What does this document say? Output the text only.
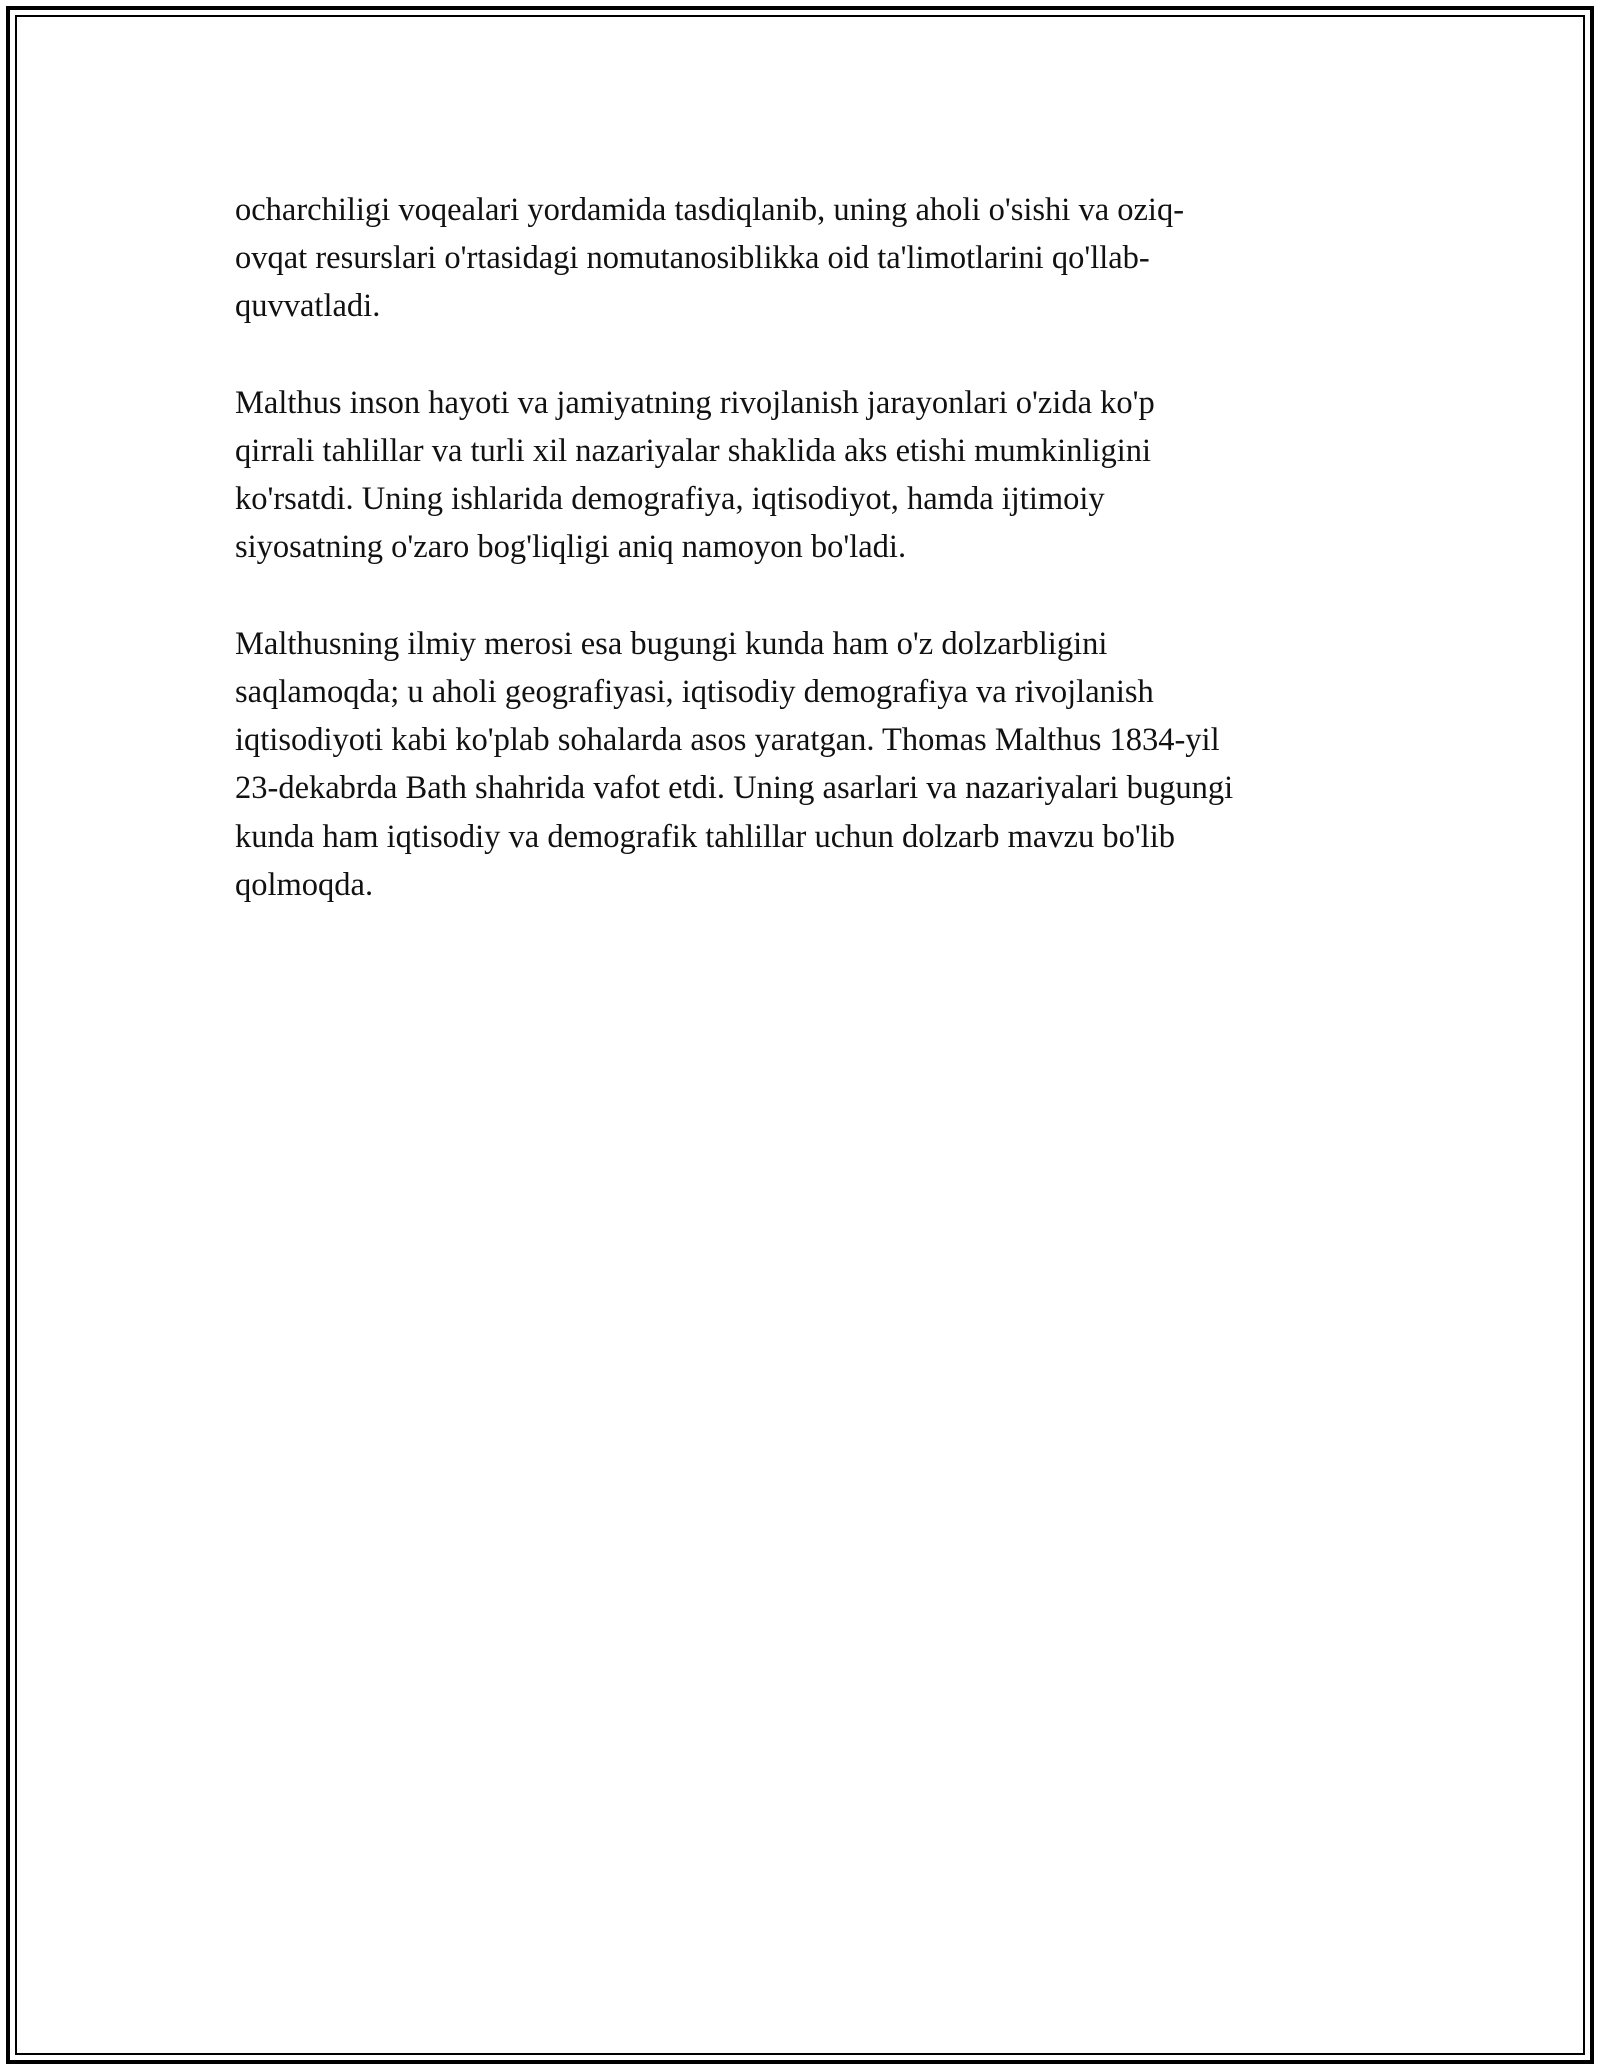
ocharchiligi voqealari yordamida tasdiqlanib, uning aholi o'sishi va oziq-
ovqat resurslari o'rtasidagi nomutanosiblikka oid ta'limotlarini qo'llab-
quvvatladi.

Malthus inson hayoti va jamiyatning rivojlanish jarayonlari o'zida ko'p
qirrali tahlillar va turli xil nazariyalar shaklida aks etishi mumkinligini
ko'rsatdi. Uning ishlarida demografiya, iqtisodiyot, hamda ijtimoiy
siyosatning o'zaro bog'liqligi aniq namoyon bo'ladi.

Malthusning ilmiy merosi esa bugungi kunda ham o'z dolzarbligini
saqlamoqda; u aholi geografiyasi, iqtisodiy demografiya va rivojlanish
iqtisodiyoti kabi ko'plab sohalarda asos yaratgan. Thomas Malthus 1834-yil
23-dekabrda Bath shahrida vafot etdi. Uning asarlari va nazariyalari bugungi
kunda ham iqtisodiy va demografik tahlillar uchun dolzarb mavzu bo'lib
qolmoqda.
